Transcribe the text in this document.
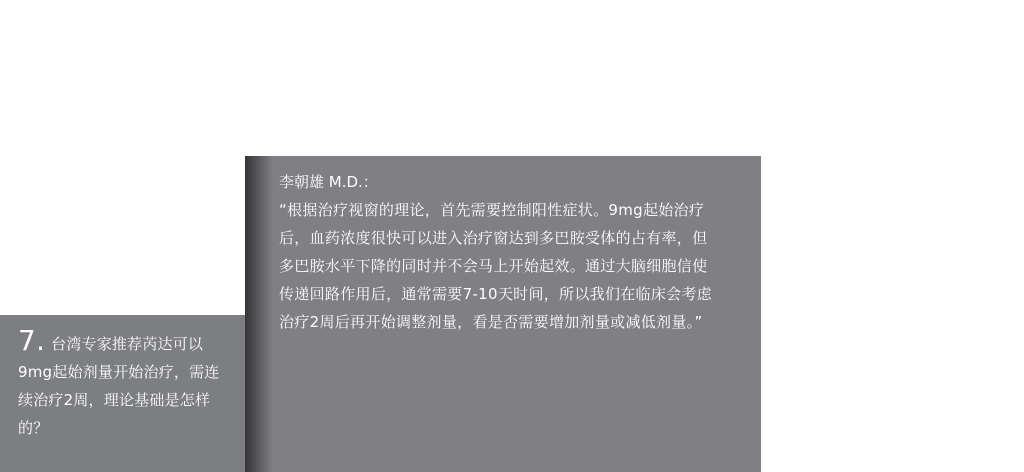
7. 台湾专家推荐芮达可以9mg起始剂量开始治疗，需连续治疗2周，理论基础是怎样的？

李朝雄 M.D.：

“根据治疗视窗的理论，首先需要控制阳性症状。9mg起始治疗后，血药浓度很快可以进入治疗窗达到多巴胺受体的占有率，但多巴胺水平下降的同时并不会马上开始起效。通过大脑细胞信使传递回路作用后，通常需要7-10天时间，所以我们在临床会考虑治疗2周后再开始调整剂量，看是否需要增加剂量或减低剂量。”
